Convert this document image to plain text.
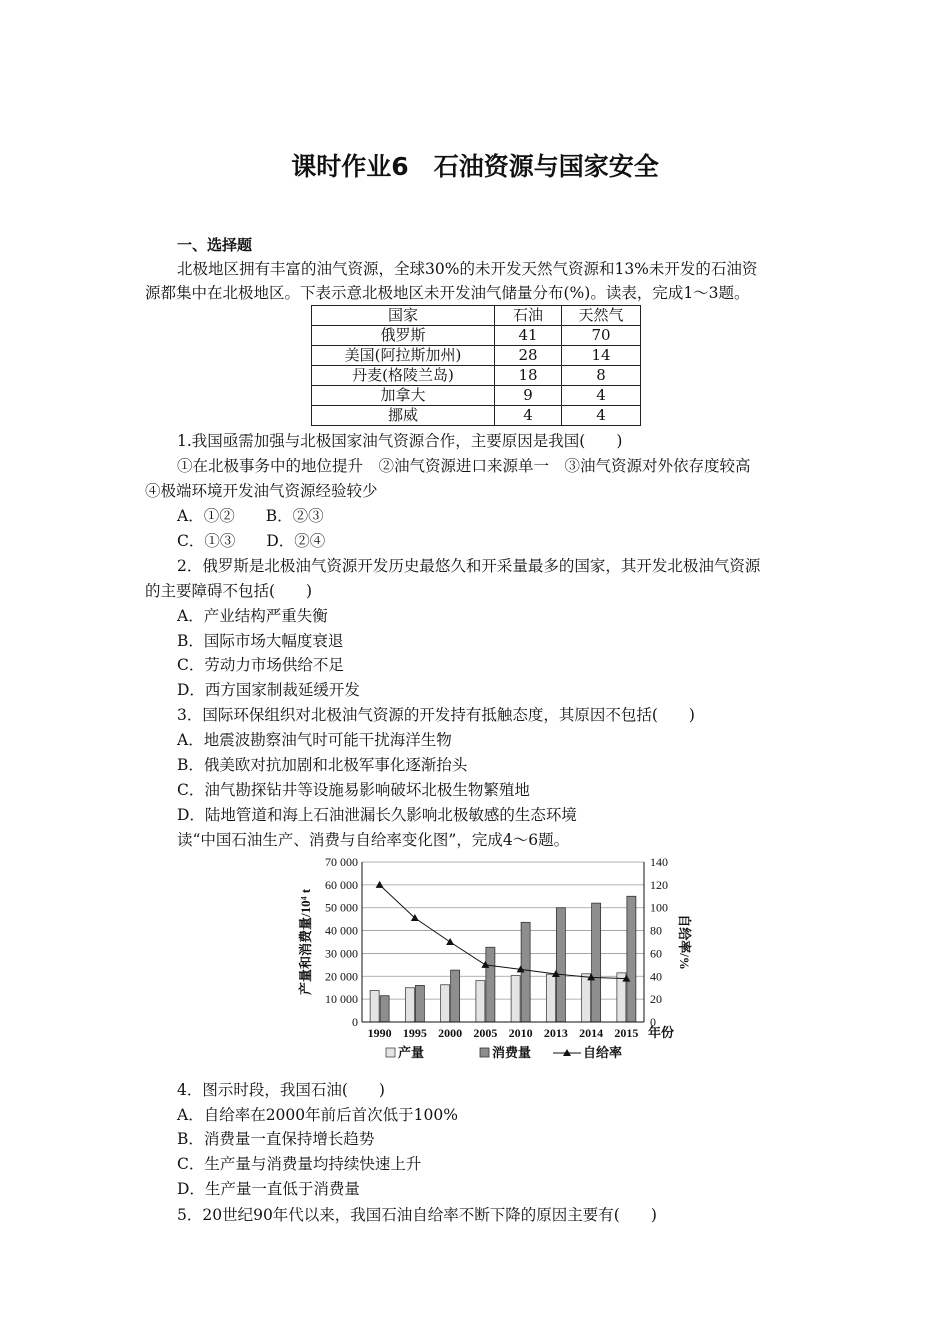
课时作业6　石油资源与国家安全
一、选择题
北极地区拥有丰富的油气资源，全球30%的未开发天然气资源和13%未开发的石油资
源都集中在北极地区。下表示意北极地区未开发油气储量分布(%)。读表，完成1～3题。
国家	石油	天然气
俄罗斯	41	70
美国(阿拉斯加州)	28	14
丹麦(格陵兰岛)	18	8
加拿大	9	4
挪威	4	4
1.我国亟需加强与北极国家油气资源合作，主要原因是我国(　　)
①在北极事务中的地位提升　②油气资源进口来源单一　③油气资源对外依存度较高
④极端环境开发油气资源经验较少
A．①②　　B．②③
C．①③　　D．②④
2．俄罗斯是北极油气资源开发历史最悠久和开采量最多的国家，其开发北极油气资源
的主要障碍不包括(　　)
A．产业结构严重失衡
B．国际市场大幅度衰退
C．劳动力市场供给不足
D．西方国家制裁延缓开发
3．国际环保组织对北极油气资源的开发持有抵触态度，其原因不包括(　　)
A．地震波勘察油气时可能干扰海洋生物
B．俄美欧对抗加剧和北极军事化逐渐抬头
C．油气勘探钻井等设施易影响破坏北极生物繁殖地
D．陆地管道和海上石油泄漏长久影响北极敏感的生态环境
读“中国石油生产、消费与自给率变化图”，完成4～6题。
0
10 000
20 000
30 000
40 000
50 000
60 000
70 000
0
20
40
60
80
100
120
140
1990 1995 2000 2005 2010 2013 2014 2015
产量和消费量/10⁴ t	自给率/%
年份
产量	消费量	自给率
4．图示时段，我国石油(　　)
A．自给率在2000年前后首次低于100%
B．消费量一直保持增长趋势
C．生产量与消费量均持续快速上升
D．生产量一直低于消费量
5．20世纪90年代以来，我国石油自给率不断下降的原因主要有(　　)
